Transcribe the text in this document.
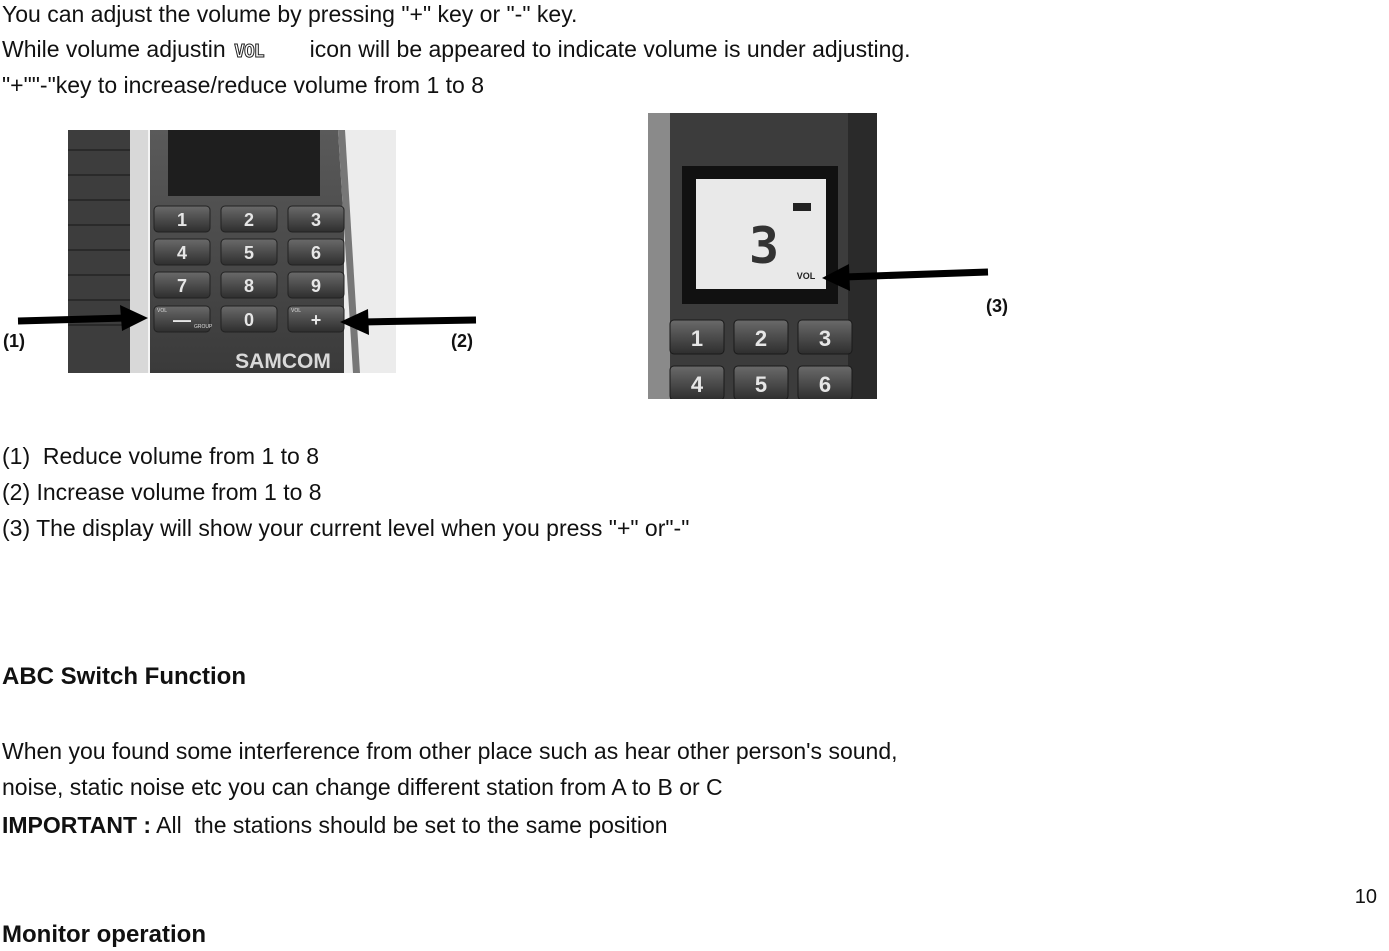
You can adjust the volume by pressing "+" key or "-" key.
While volume adjustin VOL icon will be appeared to indicate volume is under adjusting.
"+""-"key to increase/reduce volume from 1 to 8
1	2	3
4	5	6
7	8	9
—	0	+
VOL
GROUP
VOL
SAMCOM
3
VOL
1 2 3
4 5 6
(1)	(2)
(3)
(1)  Reduce volume from 1 to 8
(2) Increase volume from 1 to 8
(3) The display will show your current level when you press "+" or"-"
ABC Switch Function
When you found some interference from other place such as hear other person's sound,
noise, static noise etc you can change different station from A to B or C
IMPORTANT : All  the stations should be set to the same position
Monitor operation
10
